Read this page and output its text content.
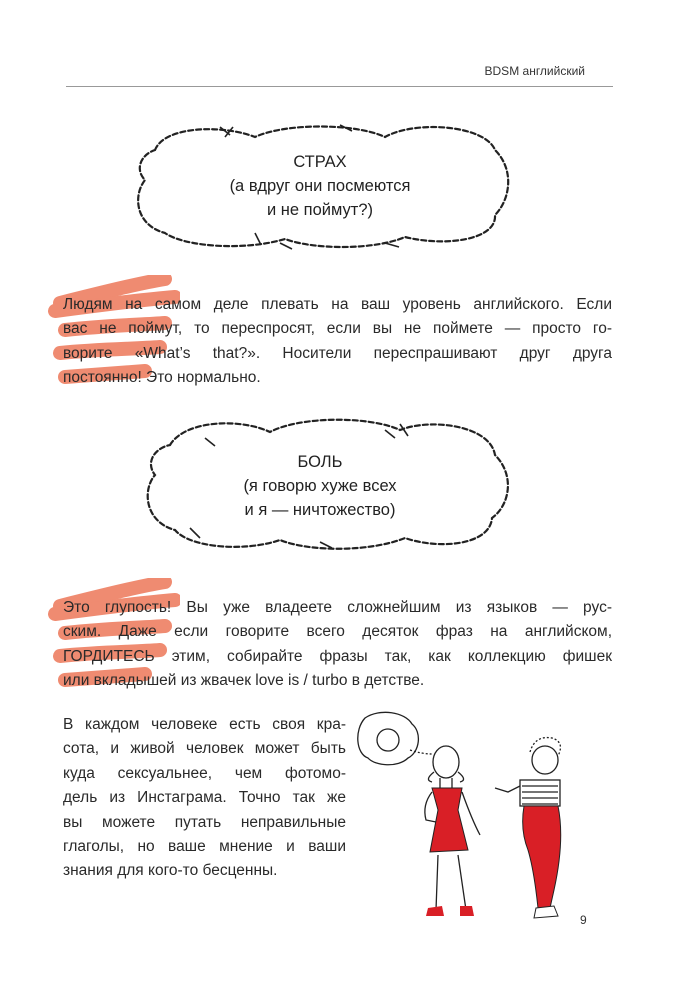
BDSM английский
СТРАХ
(а вдруг они посмеются
и не поймут?)
Людям на самом деле плевать на ваш уровень английского. Если
вас не поймут, то переспросят, если вы не поймете — просто го-
ворите «What’s that?». Носители переспрашивают друг друга
постоянно! Это нормально.
БОЛЬ
(я говорю хуже всех
и я — ничтожество)
Это глупость! Вы уже владеете сложнейшим из языков — рус-
ским. Даже если говорите всего десяток фраз на английском,
ГОРДИТЕСЬ этим, собирайте фразы так, как коллекцию фишек
или вкладышей из жвачек love is / turbo в детстве.
В каждом человеке есть своя кра-
сота, и живой человек может быть
куда сексуальнее, чем фотомо-
дель из Инстаграма. Точно так же
вы можете путать неправильные
глаголы, но ваше мнение и ваши
знания для кого-то бесценны.
9
